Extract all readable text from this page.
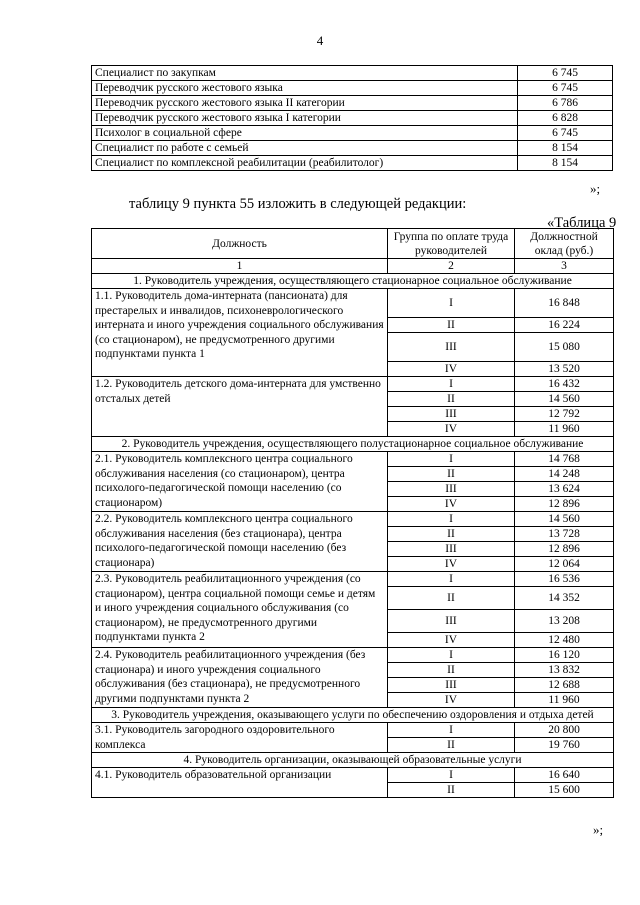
4
Специалист по закупкам	6 745
Переводчик русского жестового языка	6 745
Переводчик русского жестового языка II категории	6 786
Переводчик русского жестового языка I категории	6 828
Психолог в социальной сфере	6 745
Специалист по работе с семьей	8 154
Специалист по комплексной реабилитации (реабилитолог)	8 154
»;
таблицу 9 пункта 55 изложить в следующей редакции:
«Таблица 9
Должность	Группа по оплате труда руководителей	Должностной оклад (руб.)
1	2	3
1. Руководитель учреждения, осуществляющего стационарное социальное обслуживание		
1.1. Руководитель дома-интерната (пансионата) для престарелых и инвалидов, психоневрологического интерната и иного учреждения социального обслуживания (со стационаром), не предусмотренного другими подпунктами пункта 1	I	16 848
	II	16 224
	III	15 080
	IV	13 520
1.2. Руководитель детского дома-интерната для умственно отсталых детей	I	16 432
	II	14 560
	III	12 792
	IV	11 960
2. Руководитель учреждения, осуществляющего полустационарное социальное обслуживание		
2.1. Руководитель комплексного центра социального обслуживания населения (со стационаром), центра психолого-педагогической помощи населению (со стационаром)	I	14 768
	II	14 248
	III	13 624
	IV	12 896
2.2. Руководитель комплексного центра социального обслуживания населения (без стационара), центра психолого-педагогической помощи населению (без стационара)	I	14 560
	II	13 728
	III	12 896
	IV	12 064
2.3. Руководитель реабилитационного учреждения (со стационаром), центра социальной помощи семье и детям и иного учреждения социального обслуживания (со стационаром), не предусмотренного другими подпунктами пункта 2	I	16 536
	II	14 352
	III	13 208
	IV	12 480
2.4. Руководитель реабилитационного учреждения (без стационара) и иного учреждения социального обслуживания (без стационара), не предусмотренного другими подпунктами пункта 2	I	16 120
	II	13 832
	III	12 688
	IV	11 960
3. Руководитель учреждения, оказывающего услуги по обеспечению оздоровления и отдыха детей		
3.1. Руководитель загородного оздоровительного комплекса	I	20 800
	II	19 760
4. Руководитель организации, оказывающей образовательные услуги		
4.1. Руководитель образовательной организации	I	16 640
	II	15 600
»;
